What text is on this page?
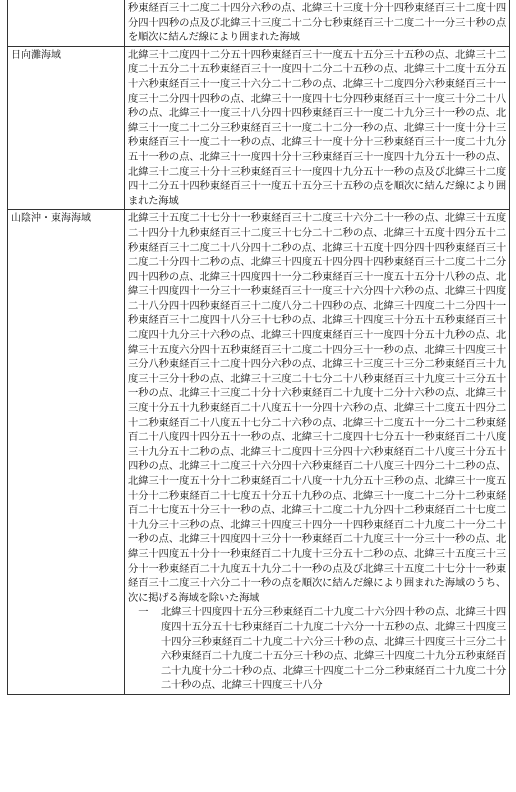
	秒東経百三十二度二十四分六秒の点、北緯三十三度十分十四秒東経百三十二度十四分四十四秒の点及び北緯三十三度二十二分七秒東経百三十二度二十一分三十秒の点を順次に結んだ線により囲まれた海域
日向灘海域	北緯三十二度四十二分五十四秒東経百三十一度五十五分三十五秒の点、北緯三十二度二十五分二十五秒東経百三十一度四十二分二十五秒の点、北緯三十二度十五分五十六秒東経百三十一度三十六分二十二秒の点、北緯三十二度四分六秒東経百三十一度三十二分四十四秒の点、北緯三十一度四十七分四秒東経百三十一度三十分二十八秒の点、北緯三十一度三十八分四十四秒東経百三十一度二十九分三十一秒の点、北緯三十一度二十二分三秒東経百三十一度二十二分一秒の点、北緯三十一度十分十三秒東経百三十一度二十一秒の点、北緯三十一度十分十三秒東経百三十一度二十九分五十一秒の点、北緯三十一度四十分十三秒東経百三十一度四十九分五十一秒の点、北緯三十二度三十分十三秒東経百三十一度四十九分五十一秒の点及び北緯三十二度四十二分五十四秒東経百三十一度五十五分三十五秒の点を順次に結んだ線により囲まれた海域
山陰沖・東海海域	北緯三十五度二十七分十一秒東経百三十二度三十六分二十一秒の点、北緯三十五度二十四分十九秒東経百三十二度三十七分二十二秒の点、北緯三十五度十四分五十二秒東経百三十二度二十八分四十二秒の点、北緯三十五度十四分四十四秒東経百三十二度二十分四十二秒の点、北緯三十四度五十四分四十四秒東経百三十二度二十二分四十四秒の点、北緯三十四度四十一分二秒東経百三十一度五十五分十八秒の点、北緯三十四度四十一分三十一秒東経百三十一度三十六分四十六秒の点、北緯三十四度二十八分四十四秒東経百三十二度八分二十四秒の点、北緯三十四度二十二分四十一秒東経百三十二度四十八分三十七秒の点、北緯三十四度三十分五十五秒東経百三十二度四十九分三十六秒の点、北緯三十四度東経百三十一度四十分五十九秒の点、北緯三十五度六分四十五秒東経百三十二度二十四分三十一秒の点、北緯三十四度三十三分八秒東経百三十二度十四分六秒の点、北緯三十三度三十三分二秒東経百三十九度三十三分十秒の点、北緯三十三度二十七分二十八秒東経百三十九度三十三分五十一秒の点、北緯三十三度二十分十六秒東経百二十九度十二分十六秒の点、北緯三十三度十分五十九秒東経百二十八度五十一分四十六秒の点、北緯三十二度五十四分二十二秒東経百二十八度五十七分二十六秒の点、北緯三十二度五十一分二十二秒東経百二十八度四十四分五十一秒の点、北緯三十二度四十七分五十一秒東経百二十八度三十九分五十二秒の点、北緯三十二度四十三分四十六秒東経百二十八度三十分五十四秒の点、北緯三十二度三十六分四十六秒東経百二十八度三十四分二十二秒の点、北緯三十一度五十分十二秒東経百二十八度一十九分五十三秒の点、北緯三十一度五十分十二秒東経百二十七度五十分五十九秒の点、北緯三十一度二十二分十二秒東経百二十七度五十分三十一秒の点、北緯三十二度二十九分四十二秒東経百二十七度二十九分三十三秒の点、北緯三十四度三十四分一十四秒東経百二十九度二十一分二十一秒の点、北緯三十四度四十三分十一秒東経百二十九度三十一分三十一秒の点、北緯三十四度五十分十一秒東経百二十九度十三分五十二秒の点、北緯三十五度三十三分十一秒東経百二十九度五十九分二十一秒の点及び北緯三十五度二十七分十一秒東経百三十二度三十六分二十一秒の点を順次に結んだ線により囲まれた海域のうち、次に掲げる海域を除いた海域
一 北緯三十四度四十五分三秒東経百二十九度二十六分四十秒の点、北緯三十四度四十五分五十七秒東経百二十九度二十六分一十五秒の点、北緯三十四度三十四分三秒東経百二十九度二十六分三十秒の点、北緯三十四度三十三分二十六秒東経百二十九度二十五分三十秒の点、北緯三十四度二十九分五秒東経百二十九度十分二十秒の点、北緯三十四度二十二分二秒東経百二十九度二十分二十秒の点、北緯三十四度三十八分
